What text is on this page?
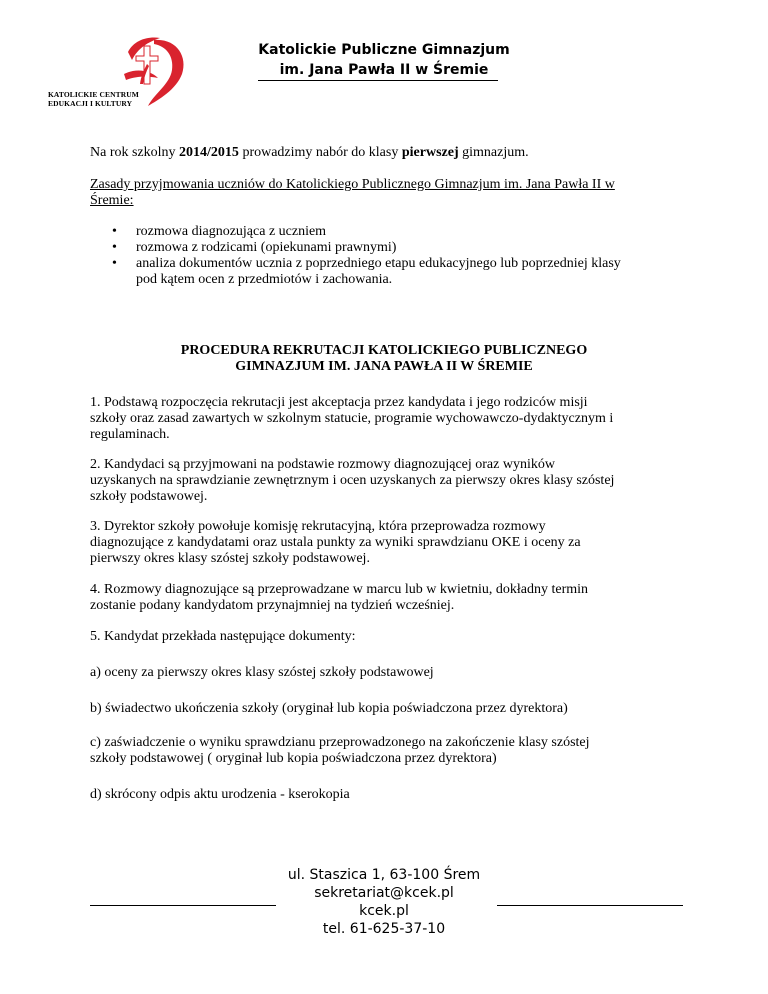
Katolickie Publiczne Gimnazjum
im. Jana Pawła II w Śremie
KATOLICKIE CENTRUM
EDUKACJI I KULTURY
Na rok szkolny 2014/2015 prowadzimy nabór do klasy pierwszej gimnazjum.
Zasady przyjmowania uczniów do Katolickiego Publicznego Gimnazjum im. Jana Pawła II w
Śremie:
• rozmowa diagnozująca z uczniem
• rozmowa z rodzicami (opiekunami prawnymi)
• analiza dokumentów ucznia z poprzedniego etapu edukacyjnego lub poprzedniej klasy
pod kątem ocen z przedmiotów i zachowania.
PROCEDURA REKRUTACJI KATOLICKIEGO PUBLICZNEGO
GIMNAZJUM IM. JANA PAWŁA II W ŚREMIE
1. Podstawą rozpoczęcia rekrutacji jest akceptacja przez kandydata i jego rodziców misji
szkoły oraz zasad zawartych w szkolnym statucie, programie wychowawczo-dydaktycznym i
regulaminach.
2. Kandydaci są przyjmowani na podstawie rozmowy diagnozującej oraz wyników
uzyskanych na sprawdzianie zewnętrznym i ocen uzyskanych za pierwszy okres klasy szóstej
szkoły podstawowej.
3. Dyrektor szkoły powołuje komisję rekrutacyjną, która przeprowadza rozmowy
diagnozujące z kandydatami oraz ustala punkty za wyniki sprawdzianu OKE i oceny za
pierwszy okres klasy szóstej szkoły podstawowej.
4. Rozmowy diagnozujące są przeprowadzane w marcu lub w kwietniu, dokładny termin
zostanie podany kandydatom przynajmniej na tydzień wcześniej.
5. Kandydat przekłada następujące dokumenty:
a) oceny za pierwszy okres klasy szóstej szkoły podstawowej
b) świadectwo ukończenia szkoły (oryginał lub kopia poświadczona przez dyrektora)
c) zaświadczenie o wyniku sprawdzianu przeprowadzonego na zakończenie klasy szóstej
szkoły podstawowej ( oryginał lub kopia poświadczona przez dyrektora)
d) skrócony odpis aktu urodzenia - kserokopia
ul. Staszica 1, 63-100 Śrem
sekretariat@kcek.pl
kcek.pl
tel. 61-625-37-10
